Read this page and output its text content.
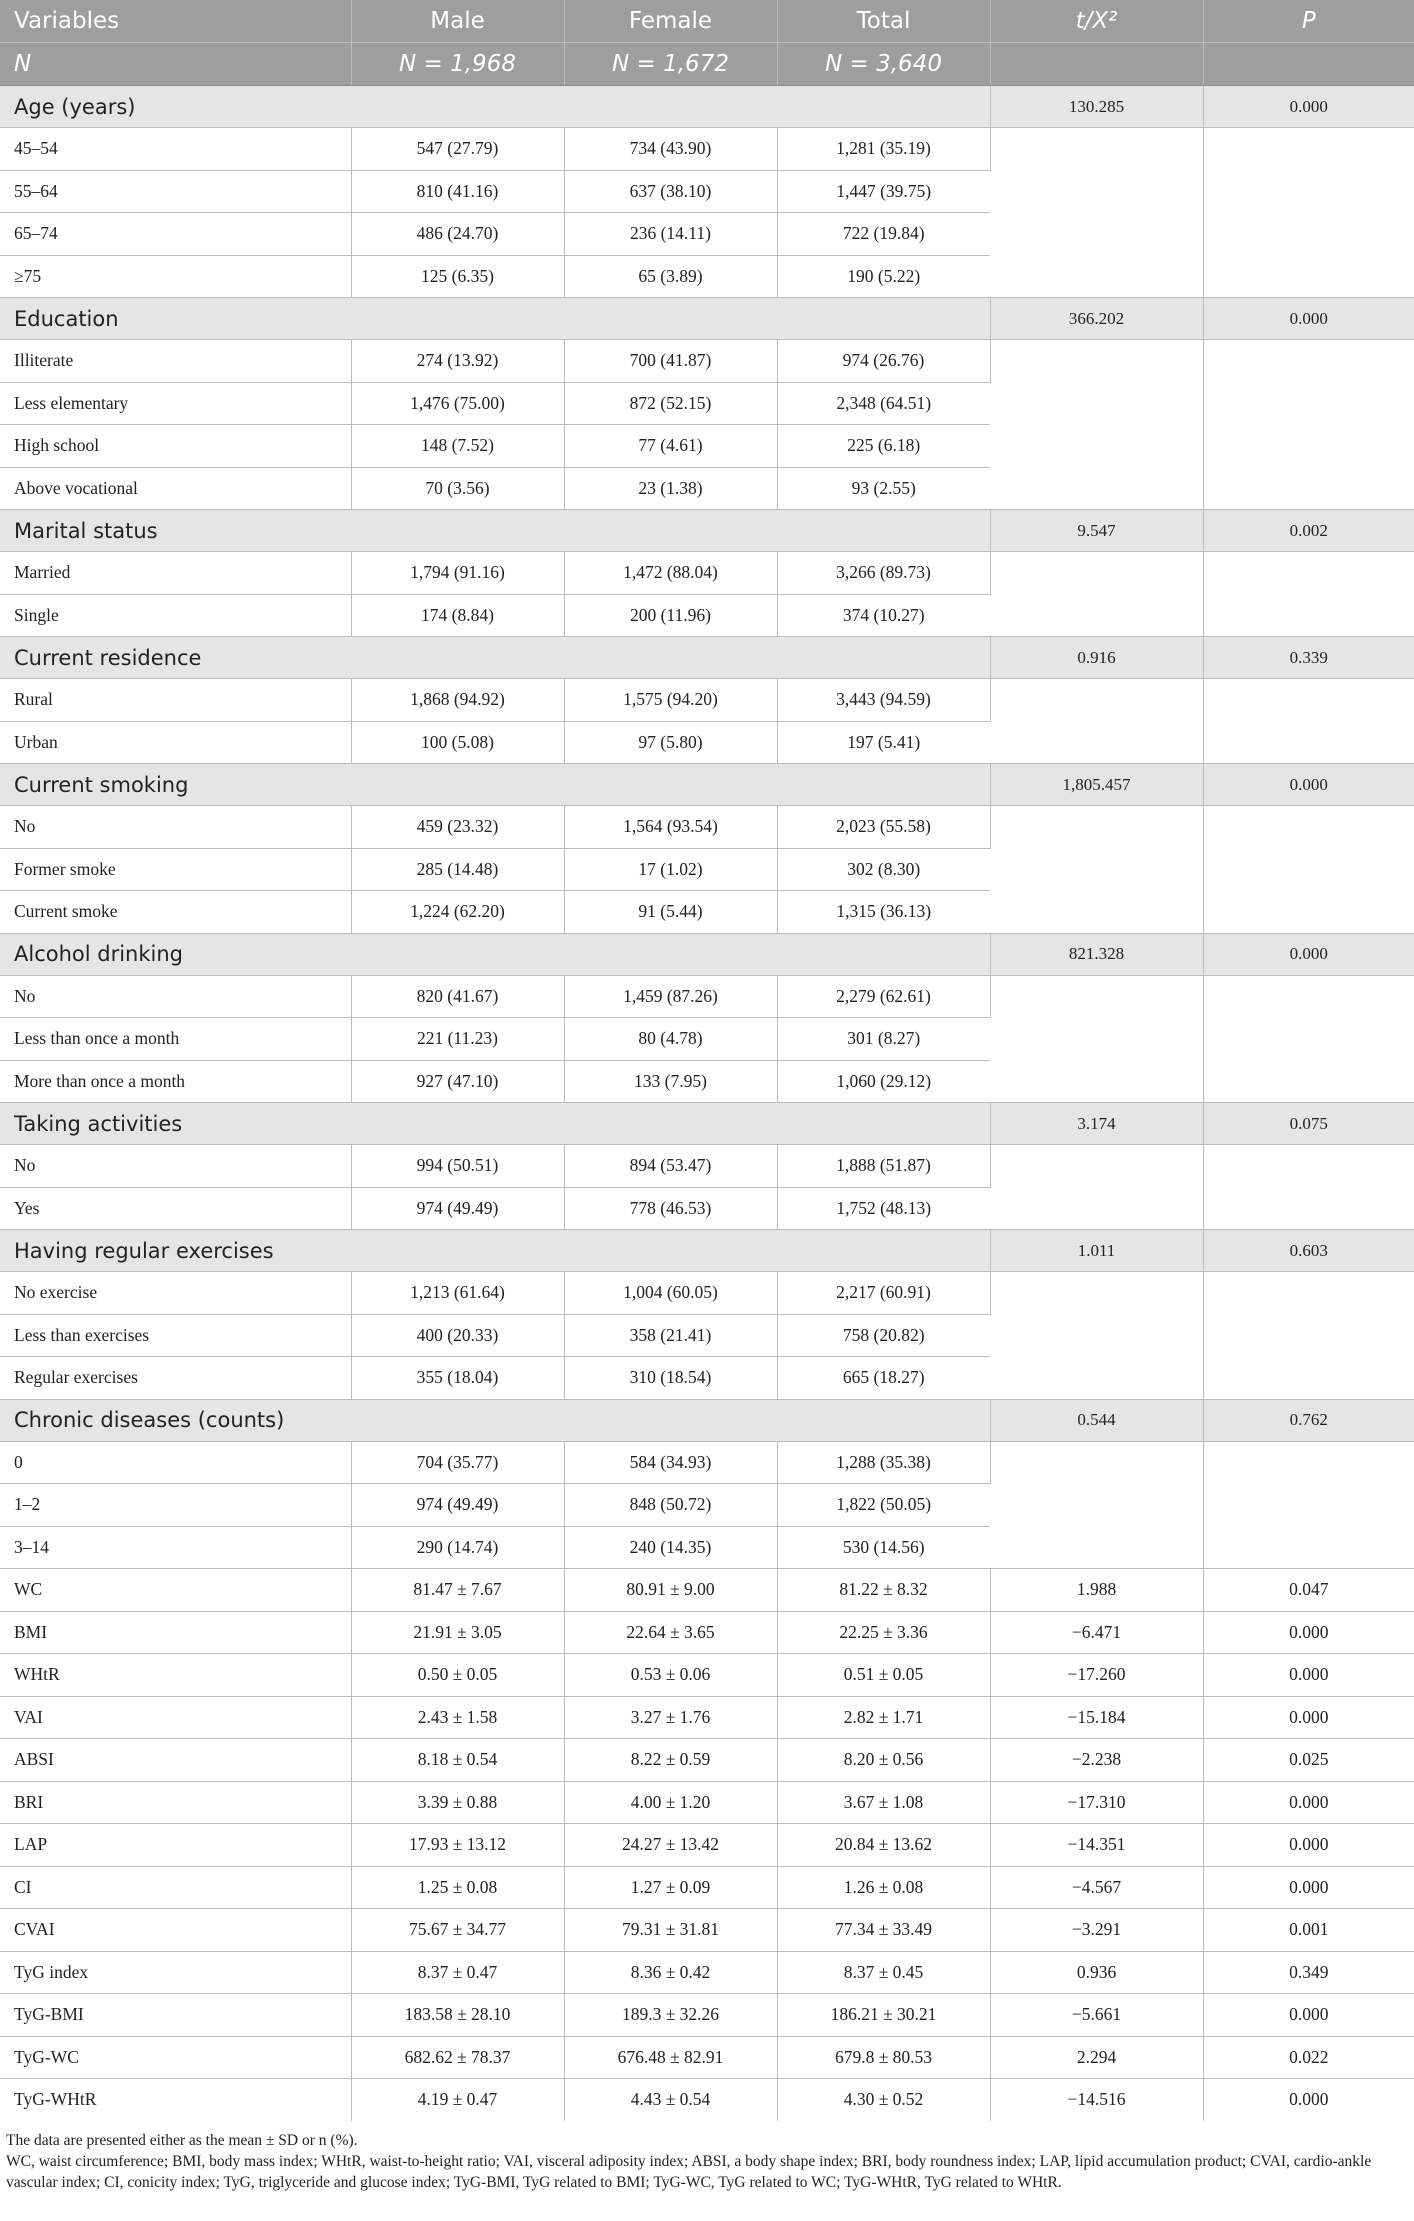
Variables	Male	Female	Total	t/X²	P
N	N = 1,968	N = 1,672	N = 3,640		
Age (years)				130.285	0.000
45–54	547 (27.79)	734 (43.90)	1,281 (35.19)		
55–64	810 (41.16)	637 (38.10)	1,447 (39.75)		
65–74	486 (24.70)	236 (14.11)	722 (19.84)		
≥75	125 (6.35)	65 (3.89)	190 (5.22)		
Education				366.202	0.000
Illiterate	274 (13.92)	700 (41.87)	974 (26.76)		
Less elementary	1,476 (75.00)	872 (52.15)	2,348 (64.51)		
High school	148 (7.52)	77 (4.61)	225 (6.18)		
Above vocational	70 (3.56)	23 (1.38)	93 (2.55)		
Marital status				9.547	0.002
Married	1,794 (91.16)	1,472 (88.04)	3,266 (89.73)		
Single	174 (8.84)	200 (11.96)	374 (10.27)		
Current residence				0.916	0.339
Rural	1,868 (94.92)	1,575 (94.20)	3,443 (94.59)		
Urban	100 (5.08)	97 (5.80)	197 (5.41)		
Current smoking				1,805.457	0.000
No	459 (23.32)	1,564 (93.54)	2,023 (55.58)		
Former smoke	285 (14.48)	17 (1.02)	302 (8.30)		
Current smoke	1,224 (62.20)	91 (5.44)	1,315 (36.13)		
Alcohol drinking				821.328	0.000
No	820 (41.67)	1,459 (87.26)	2,279 (62.61)		
Less than once a month	221 (11.23)	80 (4.78)	301 (8.27)		
More than once a month	927 (47.10)	133 (7.95)	1,060 (29.12)		
Taking activities				3.174	0.075
No	994 (50.51)	894 (53.47)	1,888 (51.87)		
Yes	974 (49.49)	778 (46.53)	1,752 (48.13)		
Having regular exercises				1.011	0.603
No exercise	1,213 (61.64)	1,004 (60.05)	2,217 (60.91)		
Less than exercises	400 (20.33)	358 (21.41)	758 (20.82)		
Regular exercises	355 (18.04)	310 (18.54)	665 (18.27)		
Chronic diseases (counts)				0.544	0.762
0	704 (35.77)	584 (34.93)	1,288 (35.38)		
1–2	974 (49.49)	848 (50.72)	1,822 (50.05)		
3–14	290 (14.74)	240 (14.35)	530 (14.56)		
WC	81.47 ± 7.67	80.91 ± 9.00	81.22 ± 8.32	1.988	0.047
BMI	21.91 ± 3.05	22.64 ± 3.65	22.25 ± 3.36	−6.471	0.000
WHtR	0.50 ± 0.05	0.53 ± 0.06	0.51 ± 0.05	−17.260	0.000
VAI	2.43 ± 1.58	3.27 ± 1.76	2.82 ± 1.71	−15.184	0.000
ABSI	8.18 ± 0.54	8.22 ± 0.59	8.20 ± 0.56	−2.238	0.025
BRI	3.39 ± 0.88	4.00 ± 1.20	3.67 ± 1.08	−17.310	0.000
LAP	17.93 ± 13.12	24.27 ± 13.42	20.84 ± 13.62	−14.351	0.000
CI	1.25 ± 0.08	1.27 ± 0.09	1.26 ± 0.08	−4.567	0.000
CVAI	75.67 ± 34.77	79.31 ± 31.81	77.34 ± 33.49	−3.291	0.001
TyG index	8.37 ± 0.47	8.36 ± 0.42	8.37 ± 0.45	0.936	0.349
TyG-BMI	183.58 ± 28.10	189.3 ± 32.26	186.21 ± 30.21	−5.661	0.000
TyG-WC	682.62 ± 78.37	676.48 ± 82.91	679.8 ± 80.53	2.294	0.022
TyG-WHtR	4.19 ± 0.47	4.43 ± 0.54	4.30 ± 0.52	−14.516	0.000

The data are presented either as the mean ± SD or n (%).

WC, waist circumference; BMI, body mass index; WHtR, waist-to-height ratio; VAI, visceral adiposity index; ABSI, a body shape index; BRI, body roundness index; LAP, lipid accumulation product; CVAI, cardio-ankle vascular index; CI, conicity index; TyG, triglyceride and glucose index; TyG-BMI, TyG related to BMI; TyG-WC, TyG related to WC; TyG-WHtR, TyG related to WHtR.
